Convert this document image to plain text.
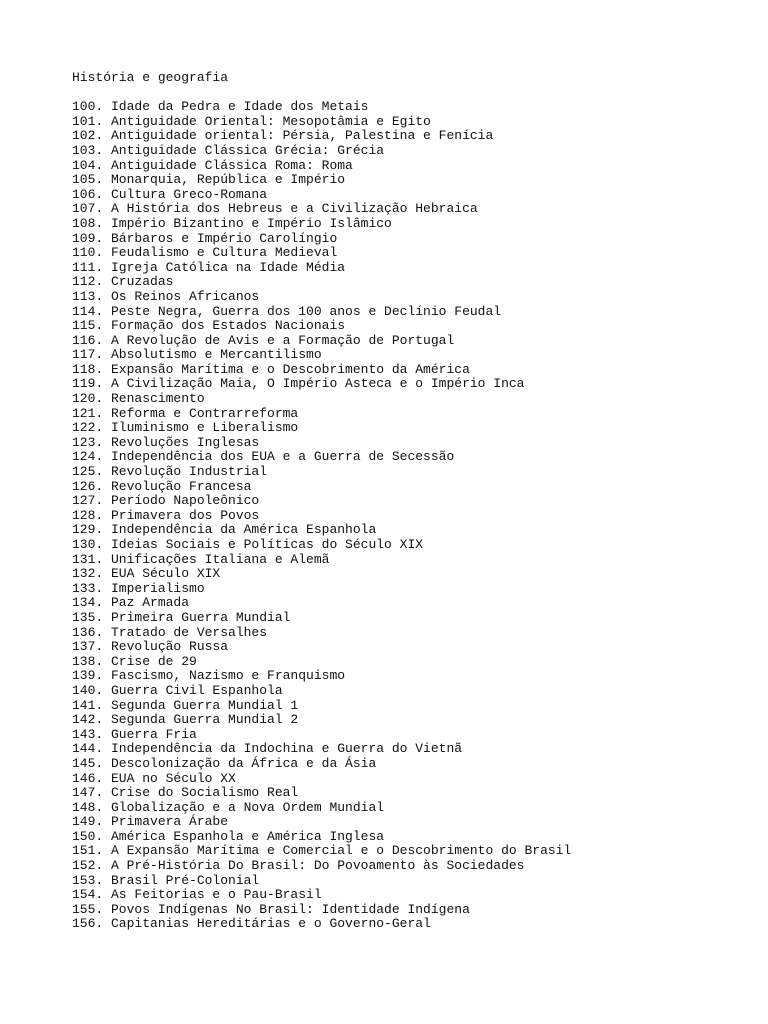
História e geografia
100. Idade da Pedra e Idade dos Metais
101. Antiguidade Oriental: Mesopotâmia e Egito
102. Antiguidade oriental: Pérsia, Palestina e Fenícia
103. Antiguidade Clássica Grécia: Grécia
104. Antiguidade Clássica Roma: Roma
105. Monarquia, República e Império
106. Cultura Greco-Romana
107. A História dos Hebreus e a Civilização Hebraica
108. Império Bizantino e Império Islâmico
109. Bárbaros e Império Carolíngio
110. Feudalismo e Cultura Medieval
111. Igreja Católica na Idade Média
112. Cruzadas
113. Os Reinos Africanos
114. Peste Negra, Guerra dos 100 anos e Declínio Feudal
115. Formação dos Estados Nacionais
116. A Revolução de Avis e a Formação de Portugal
117. Absolutismo e Mercantilismo
118. Expansão Marítima e o Descobrimento da América
119. A Civilização Maia, O Império Asteca e o Império Inca
120. Renascimento
121. Reforma e Contrarreforma
122. Iluminismo e Liberalismo
123. Revoluções Inglesas
124. Independência dos EUA e a Guerra de Secessão
125. Revolução Industrial
126. Revolução Francesa
127. Período Napoleônico
128. Primavera dos Povos
129. Independência da América Espanhola
130. Ideias Sociais e Políticas do Século XIX
131. Unificações Italiana e Alemã
132. EUA Século XIX
133. Imperialismo
134. Paz Armada
135. Primeira Guerra Mundial
136. Tratado de Versalhes
137. Revolução Russa
138. Crise de 29
139. Fascismo, Nazismo e Franquismo
140. Guerra Civil Espanhola
141. Segunda Guerra Mundial 1
142. Segunda Guerra Mundial 2
143. Guerra Fria
144. Independência da Indochina e Guerra do Vietnã
145. Descolonização da África e da Ásia
146. EUA no Século XX
147. Crise do Socialismo Real
148. Globalização e a Nova Ordem Mundial
149. Primavera Árabe
150. América Espanhola e América Inglesa
151. A Expansão Marítima e Comercial e o Descobrimento do Brasil
152. A Pré-História Do Brasil: Do Povoamento às Sociedades
153. Brasil Pré-Colonial
154. As Feitorias e o Pau-Brasil
155. Povos Indígenas No Brasil: Identidade Indígena
156. Capitanias Hereditárias e o Governo-Geral
